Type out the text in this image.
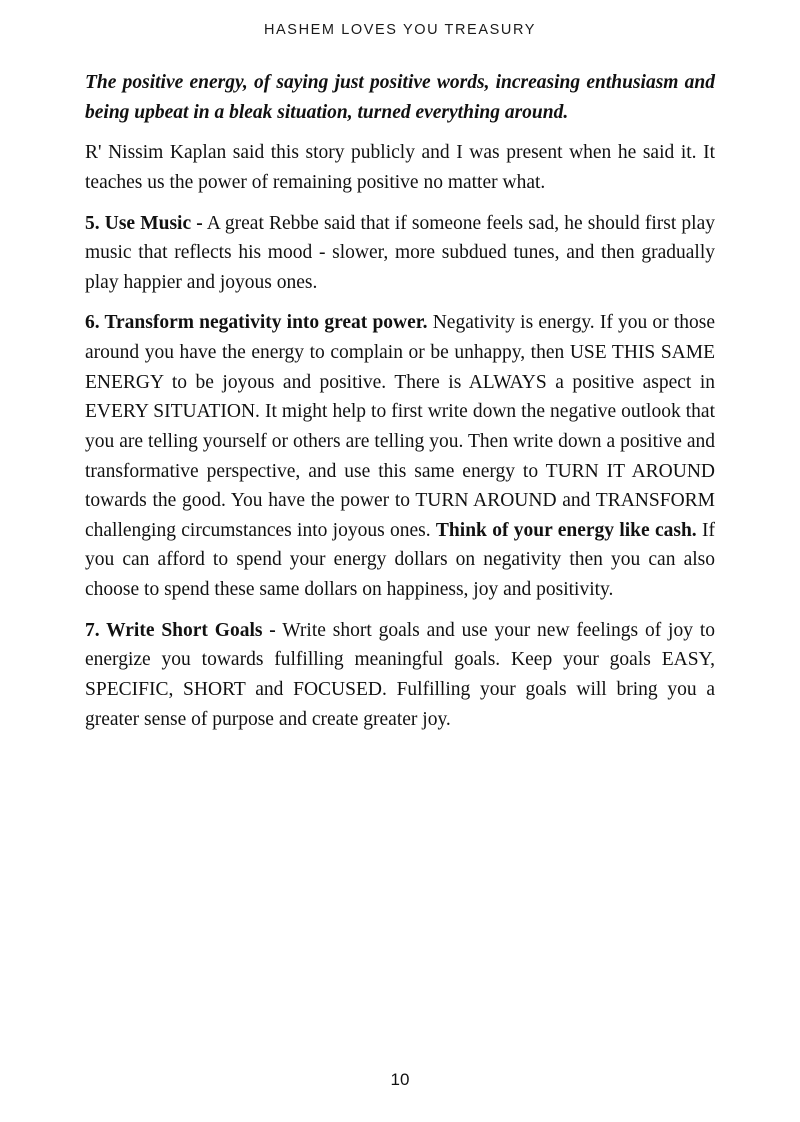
HASHEM LOVES YOU TREASURY

The positive energy, of saying just positive words, increasing enthusiasm and being upbeat in a bleak situation, turned everything around.

R' Nissim Kaplan said this story publicly and I was present when he said it. It teaches us the power of remaining positive no matter what.

5. Use Music - A great Rebbe said that if someone feels sad, he should first play music that reflects his mood - slower, more subdued tunes, and then gradually play happier and joyous ones.

6. Transform negativity into great power. Negativity is energy. If you or those around you have the energy to complain or be unhappy, then USE THIS SAME ENERGY to be joyous and positive. There is ALWAYS a positive aspect in EVERY SITUATION. It might help to first write down the negative outlook that you are telling yourself or others are telling you. Then write down a positive and transformative perspective, and use this same energy to TURN IT AROUND towards the good. You have the power to TURN AROUND and TRANSFORM challenging circumstances into joyous ones. Think of your energy like cash. If you can afford to spend your energy dollars on negativity then you can also choose to spend these same dollars on happiness, joy and positivity.

7. Write Short Goals - Write short goals and use your new feelings of joy to energize you towards fulfilling meaningful goals. Keep your goals EASY, SPECIFIC, SHORT and FOCUSED. Fulfilling your goals will bring you a greater sense of purpose and create greater joy.

10
